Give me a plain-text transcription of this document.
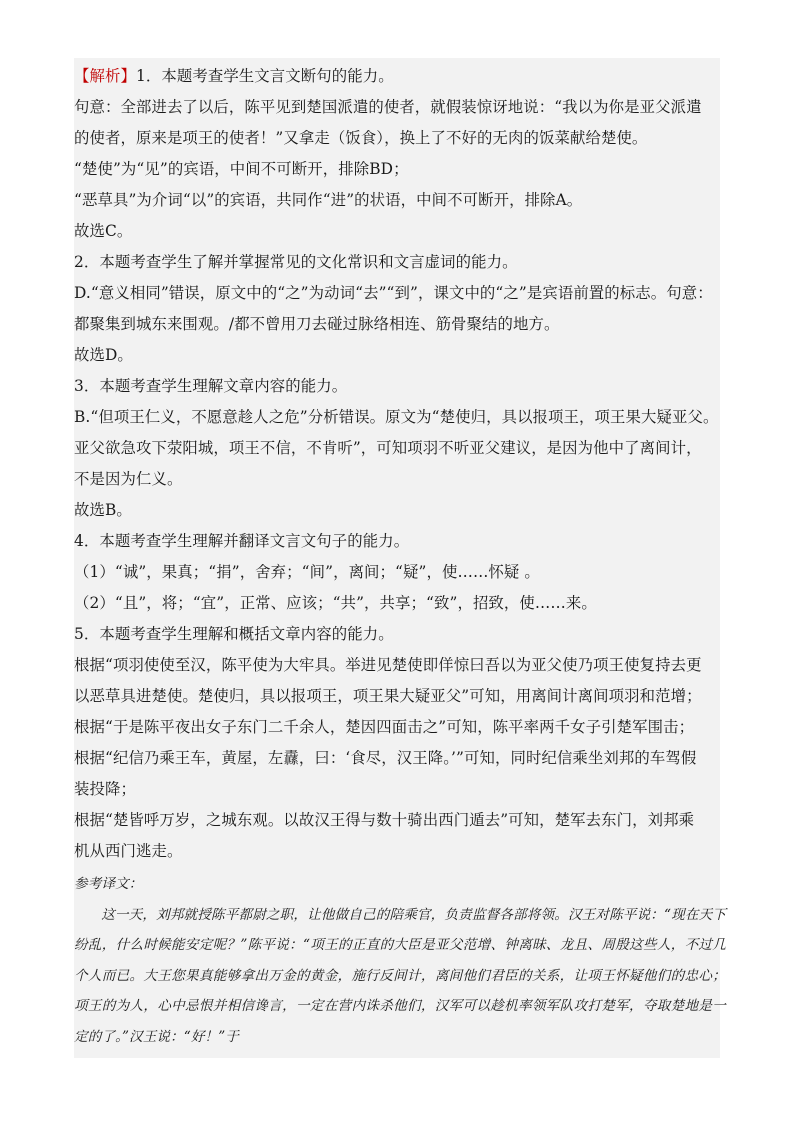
【解析】1．本题考查学生文言文断句的能力。

句意：全部进去了以后，陈平见到楚国派遣的使者，就假装惊讶地说：“我以为你是亚父派遣

的使者，原来是项王的使者！”又拿走（饭食），换上了不好的无肉的饭菜献给楚使。

“楚使”为“见”的宾语，中间不可断开，排除BD；

“恶草具”为介词“以”的宾语，共同作“进”的状语，中间不可断开，排除A。

故选C。

2．本题考查学生了解并掌握常见的文化常识和文言虚词的能力。

D.“意义相同”错误，原文中的“之”为动词“去”“到”，课文中的“之”是宾语前置的标志。句意：

都聚集到城东来围观。/都不曾用刀去碰过脉络相连、筋骨聚结的地方。

故选D。

3．本题考查学生理解文章内容的能力。

B.“但项王仁义，不愿意趁人之危”分析错误。原文为“楚使归，具以报项王，项王果大疑亚父。

亚父欲急攻下荥阳城，项王不信，不肯听”，可知项羽不听亚父建议，是因为他中了离间计，

不是因为仁义。

故选B。

4．本题考查学生理解并翻译文言文句子的能力。

（1）“诚”，果真；“捐”，舍弃；“间”，离间；“疑”，使……怀疑 。

（2）“且”，将；“宜”，正常、应该；“共”，共享；“致”，招致，使……来。

5．本题考查学生理解和概括文章内容的能力。

根据“项羽使使至汉，陈平使为大牢具。举进见楚使即佯惊曰吾以为亚父使乃项王使复持去更

以恶草具进楚使。楚使归，具以报项王，项王果大疑亚父”可知，用离间计离间项羽和范增；

根据“于是陈平夜出女子东门二千余人，楚因四面击之”可知，陈平率两千女子引楚军围击；

根据“纪信乃乘王车，黄屋，左纛，曰：‘食尽，汉王降。’”可知，同时纪信乘坐刘邦的车驾假

装投降；

根据“楚皆呼万岁，之城东观。以故汉王得与数十骑出西门遁去”可知，楚军去东门，刘邦乘

机从西门逃走。

参考译文：

这一天，刘邦就授陈平都尉之职，让他做自己的陪乘官，负责监督各部将领。汉王对陈平说：“现在天下纷乱，什么时候能安定呢？”陈平说：“项王的正直的大臣是亚父范增、钟离昧、龙且、周殷这些人，不过几个人而已。大王您果真能够拿出万金的黄金，施行反间计，离间他们君臣的关系，让项王怀疑他们的忠心；项王的为人，心中忌恨并相信谗言，一定在营内诛杀他们，汉军可以趁机率领军队攻打楚军，夺取楚地是一定的了。”汉王说：“好！”于
